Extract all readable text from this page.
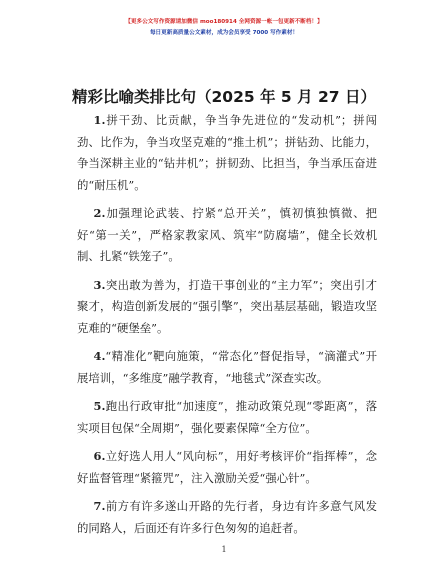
【更多公文写作资源请加微信 moo180914 全网资源一帐一包更新不断档！】
每日更新高质量公文素材，成为会员享受 7000 写作素材！
精彩比喻类排比句（2025 年 5 月 27 日）

1.拼干劲、比贡献，争当争先进位的“发动机”；拼闯劲、比作为，争当攻坚克难的“推土机”；拼钻劲、比能力，争当深耕主业的“钻井机”；拼韧劲、比担当，争当承压奋进的“耐压机”。

2.加强理论武装、拧紧“总开关”，慎初慎独慎微、把好“第一关”，严格家教家风、筑牢“防腐墙”，健全长效机制、扎紧“铁笼子”。

3.突出敢为善为，打造干事创业的“主力军”；突出引才聚才，构造创新发展的“强引擎”，突出基层基础，锻造攻坚克难的“硬堡垒”。

4.“精准化”靶向施策，“常态化”督促指导，“滴灌式”开展培训，“多维度”融学教育，“地毯式”深查实改。

5.跑出行政审批“加速度”，推动政策兑现“零距离”，落实项目包保“全周期”，强化要素保障“全方位”。

6.立好选人用人“风向标”，用好考核评价“指挥棒”，念好监督管理“紧箍咒”，注入激励关爱“强心针”。

7.前方有许多遂山开路的先行者，身边有许多意气风发的同路人，后面还有许多行色匆匆的追赶者。

1
